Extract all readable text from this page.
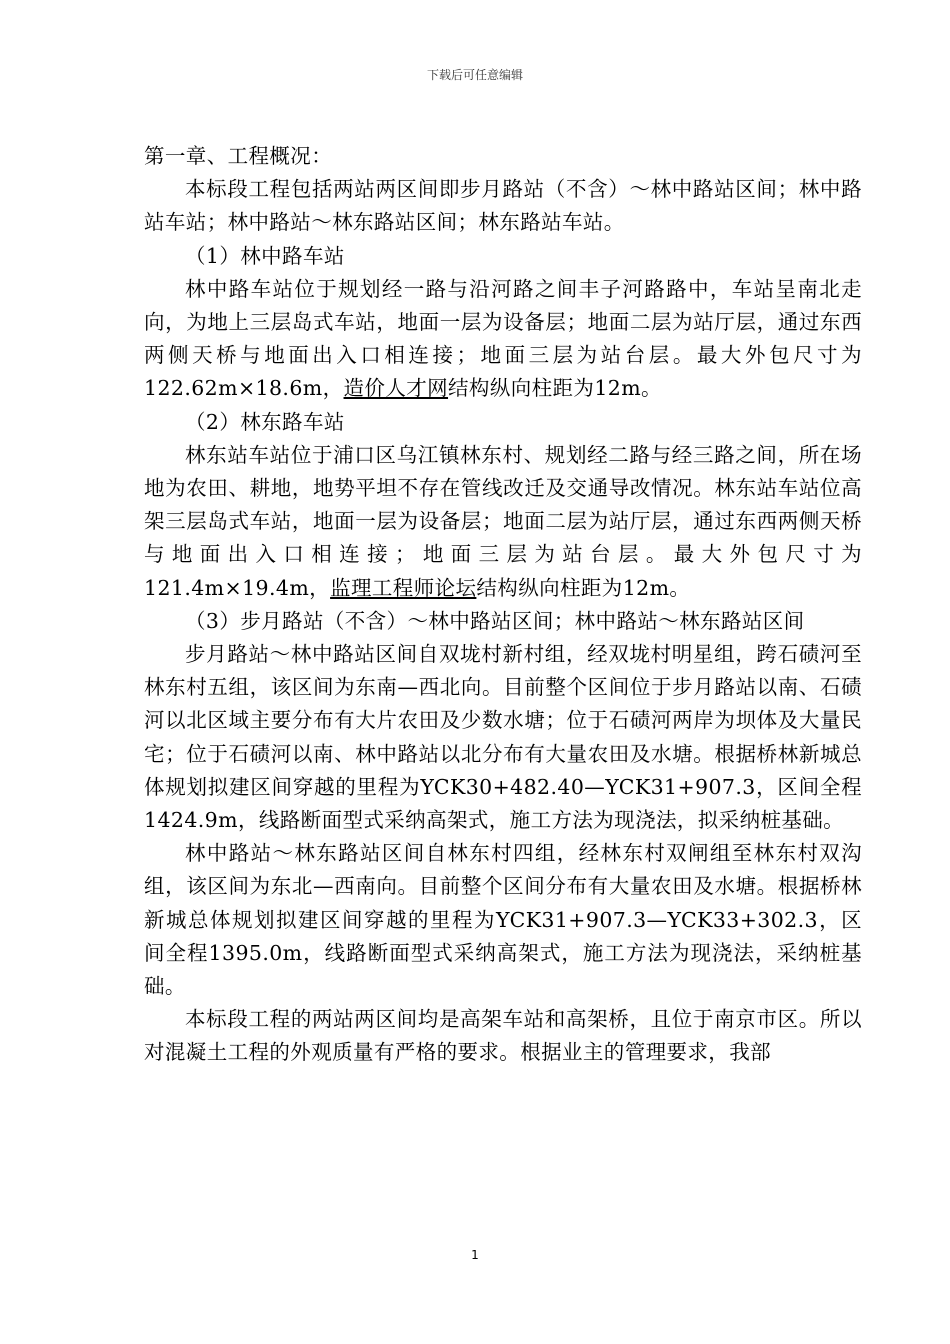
下载后可任意编辑

第一章、工程概况：

本标段工程包括两站两区间即步月路站（不含）～林中路站区间；林中路站车站；林中路站～林东路站区间；林东路站车站。

（1）林中路车站

林中路车站位于规划经一路与沿河路之间丰子河路路中，车站呈南北走向，为地上三层岛式车站，地面一层为设备层；地面二层为站厅层，通过东西两侧天桥与地面出入口相连接；地面三层为站台层。最大外包尺寸为122.62m×18.6m，造价人才网结构纵向柱距为12m。

（2）林东路车站

林东站车站位于浦口区乌江镇林东村、规划经二路与经三路之间，所在场地为农田、耕地，地势平坦不存在管线改迁及交通导改情况。林东站车站位高架三层岛式车站，地面一层为设备层；地面二层为站厅层，通过东西两侧天桥与地面出入口相连接；地面三层为站台层。最大外包尺寸为121.4m×19.4m，监理工程师论坛结构纵向柱距为12m。

（3）步月路站（不含）～林中路站区间；林中路站～林东路站区间

步月路站～林中路站区间自双垅村新村组，经双垅村明星组，跨石碛河至林东村五组，该区间为东南—西北向。目前整个区间位于步月路站以南、石碛河以北区域主要分布有大片农田及少数水塘；位于石碛河两岸为坝体及大量民宅；位于石碛河以南、林中路站以北分布有大量农田及水塘。根据桥林新城总体规划拟建区间穿越的里程为YCK30+482.40—YCK31+907.3，区间全程1424.9m，线路断面型式采纳高架式，施工方法为现浇法，拟采纳桩基础。

林中路站～林东路站区间自林东村四组，经林东村双闸组至林东村双沟组，该区间为东北—西南向。目前整个区间分布有大量农田及水塘。根据桥林新城总体规划拟建区间穿越的里程为YCK31+907.3—YCK33+302.3，区间全程1395.0m，线路断面型式采纳高架式，施工方法为现浇法，采纳桩基础。

本标段工程的两站两区间均是高架车站和高架桥，且位于南京市区。所以对混凝土工程的外观质量有严格的要求。根据业主的管理要求，我部

1
